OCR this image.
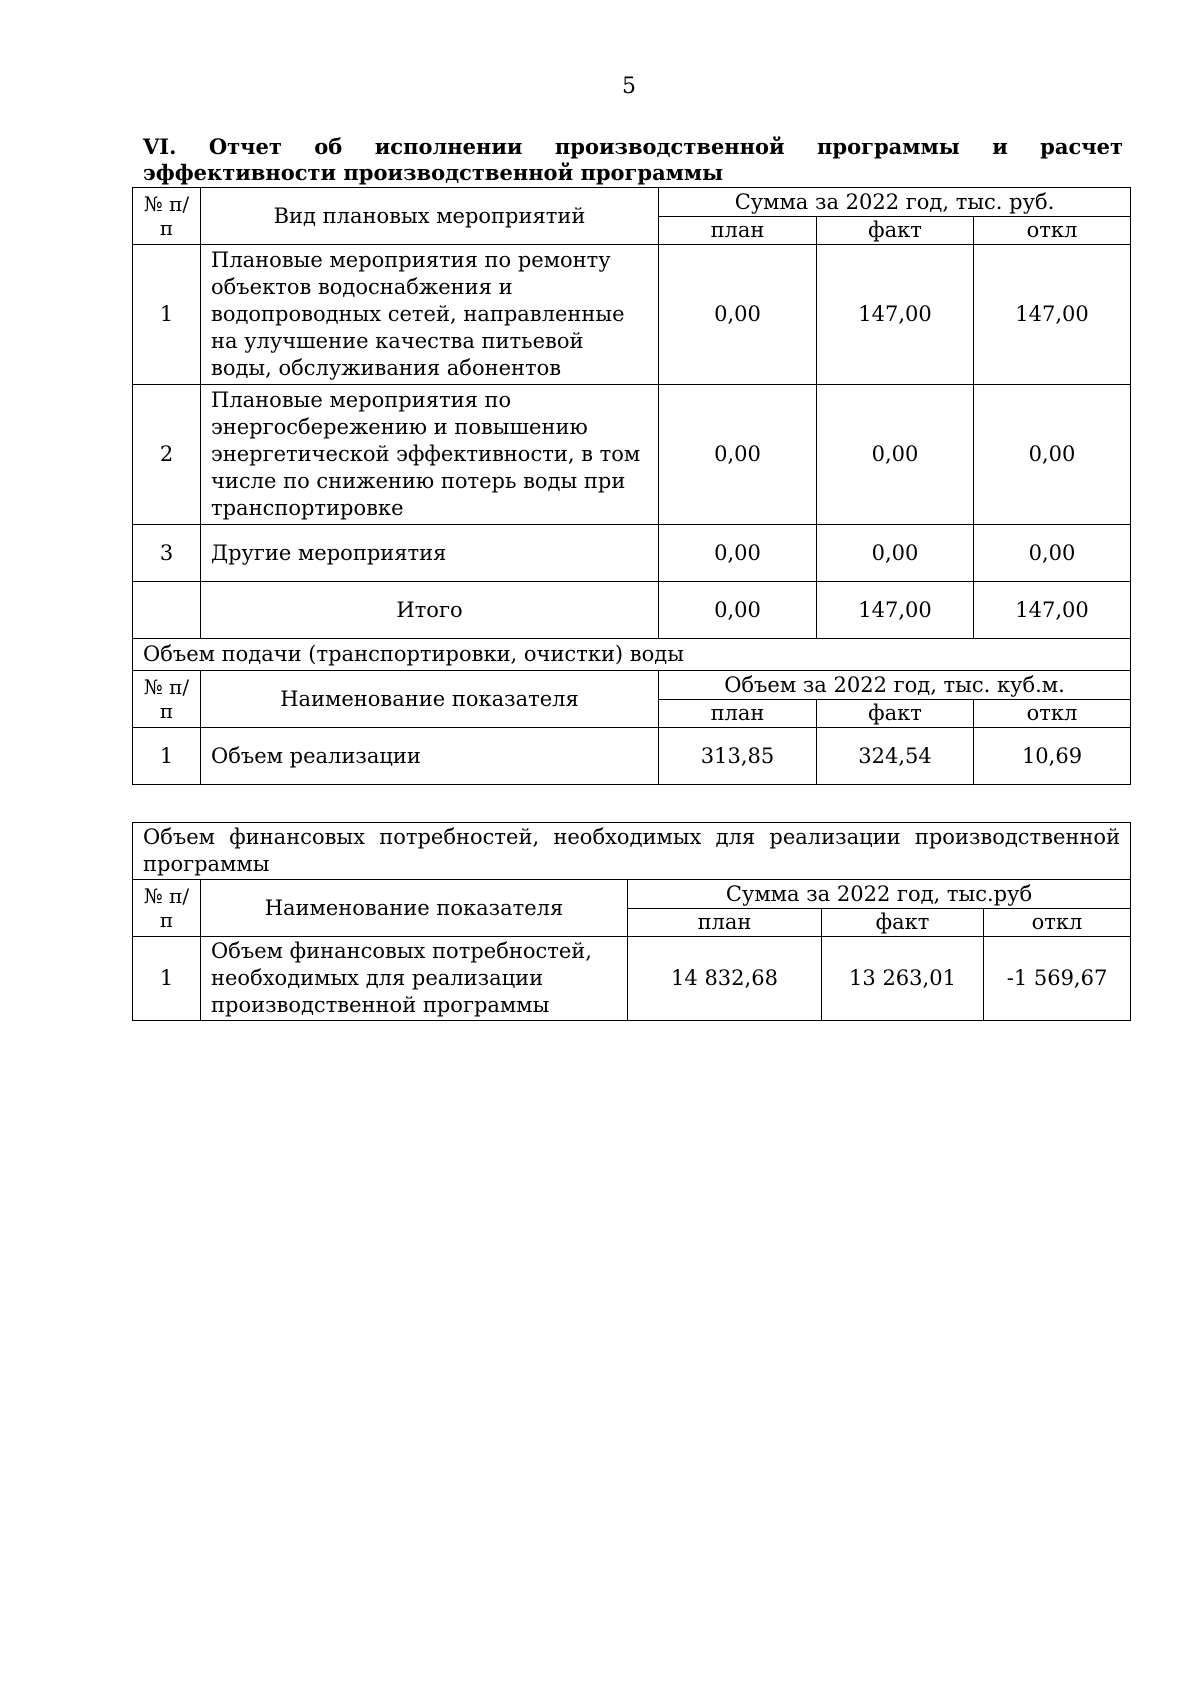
5
VI. Отчет об исполнении производственной программы и расчет эффективности производственной программы
№ п/п	Вид плановых мероприятий	Сумма за 2022 год, тыс. руб.		
		план	факт	откл
1	Плановые мероприятия по ремонту объектов водоснабжения и водопроводных сетей, направленные на улучшение качества питьевой воды, обслуживания абонентов	0,00	147,00	147,00
2	Плановые мероприятия по энергосбережению и повышению энергетической эффективности, в том числе по снижению потерь воды при транспортировке	0,00	0,00	0,00
3	Другие мероприятия	0,00	0,00	0,00
	Итого	0,00	147,00	147,00
Объем подачи (транспортировки, очистки) воды				
№ п/п	Наименование показателя	Объем за 2022 год, тыс. куб.м.		
		план	факт	откл
1	Объем реализации	313,85	324,54	10,69
Объем финансовых потребностей, необходимых для реализации производственной программы				
№ п/п	Наименование показателя	Сумма за 2022 год, тыс.руб		
		план	факт	откл
1	Объем финансовых потребностей, необходимых для реализации производственной программы	14 832,68	13 263,01	-1 569,67
